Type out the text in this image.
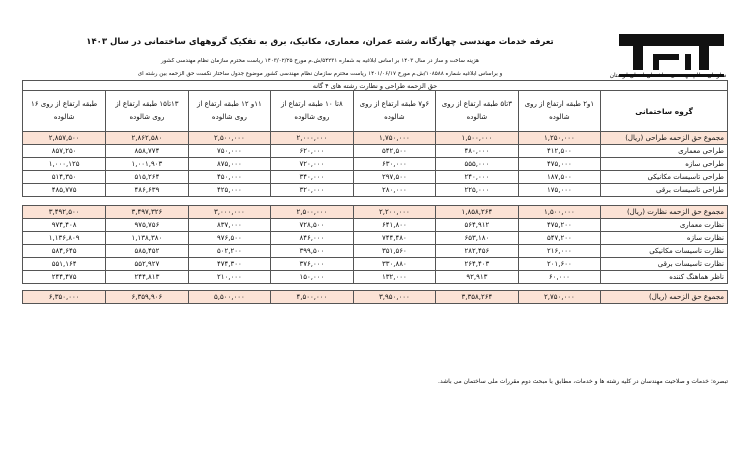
سازمان نظام مهندسی ساختمان استان لرستان
تعرفه خدمات مهندسی چهارگانه رشته عمران، معماری، مکانیک، برق به تفکیک گروههای ساختمانی در سال ۱۴۰۳
هزینه ساخت و ساز در سال ۱۴۰۳ بر اساس ابلاغیه به شماره ۵۴۲۳۱/ش.م مورخ ۱۴۰۳/۰۲/۲۵ ریاست محترم سازمان نظام مهندسی کشور
و براساس ابلاغیه شماره ۱۰۸۵۸۸/ش.م مورخ ۱۴۰۱/۰۶/۱۷ ریاست محترم سازمان نظام مهندسی کشور موضوع جدول ساختار نکست حق الزحمه بین رشته ای
حق الزحمه طراحی و نظارت رشته های ۴ گانه							
گروه ساختمانی	۱و۲ طبقه ارتفاع از روی شالوده	۳تا۵ طبقه ارتفاع از روی شالوده	۶و۷ طبقه ارتفاع از روی شالوده	۸تا ۱۰ طبقه ارتفاع از روی شالوده	۱۱و ۱۲ طبقه ارتفاع از روی شالوده	۱۳تا۱۵ طبقه ارتفاع از روی شالوده	طبقه ارتفاع از روی ۱۶ شالوده
مجموع حق الزحمه طراحی (ریال)	۱,۲۵۰,۰۰۰	۱,۵۰۰,۰۰۰	۱,۷۵۰,۰۰۰	۲,۰۰۰,۰۰۰	۲,۵۰۰,۰۰۰	۲,۸۶۲,۵۸۰	۲,۸۵۷,۵۰۰
طراحی معماری	۴۱۲,۵۰۰	۴۸۰,۰۰۰	۵۴۲,۵۰۰	۶۲۰,۰۰۰	۷۵۰,۰۰۰	۸۵۸,۷۷۴	۸۵۷,۲۵۰
طراحی سازه	۴۷۵,۰۰۰	۵۵۵,۰۰۰	۶۳۰,۰۰۰	۷۲۰,۰۰۰	۸۷۵,۰۰۰	۱,۰۰۱,۹۰۳	۱,۰۰۰,۱۲۵
طراحی تاسیسات مکانیکی	۱۸۷,۵۰۰	۲۴۰,۰۰۰	۲۹۷,۵۰۰	۳۴۰,۰۰۰	۴۵۰,۰۰۰	۵۱۵,۲۶۴	۵۱۴,۳۵۰
طراحی تاسیسات برقی	۱۷۵,۰۰۰	۲۲۵,۰۰۰	۲۸۰,۰۰۰	۳۲۰,۰۰۰	۴۲۵,۰۰۰	۴۸۶,۶۳۹	۴۸۵,۷۷۵

مجموع حق الزحمه نظارت (ریال)	۱,۵۰۰,۰۰۰	۱,۸۵۸,۲۶۴	۲,۲۰۰,۰۰۰	۲,۵۰۰,۰۰۰	۳,۰۰۰,۰۰۰	۳,۴۹۷,۳۲۶	۳,۴۹۲,۵۰۰
نظارت معماری	۴۷۵,۲۰۰	۵۶۴,۹۱۲	۶۴۱,۸۰۰	۷۲۸,۵۰۰	۸۳۷,۰۰۰	۹۷۵,۷۵۶	۹۷۴,۴۰۸
نظارت سازه	۵۴۷,۲۰۰	۶۵۳,۱۸۰	۷۴۴,۴۸۰	۸۴۶,۰۰۰	۹۷۶,۵۰۰	۱,۱۳۸,۳۸۰	۱,۱۳۶,۸۰۹
نظارت تاسیسات مکانیکی	۲۱۶,۰۰۰	۲۸۲,۴۵۶	۳۵۱,۵۶۰	۳۹۹,۵۰۰	۵۰۲,۲۰۰	۵۸۵,۴۵۲	۵۸۴,۶۴۵
نظارت تاسیسات برقی	۲۰۱,۶۰۰	۲۶۴,۴۰۳	۳۳۰,۸۸۰	۳۷۶,۰۰۰	۴۷۴,۳۰۰	۵۵۲,۹۲۷	۵۵۱,۱۶۴
ناظر هماهنگ کننده	۶۰,۰۰۰	۹۲,۹۱۳	۱۳۲,۰۰۰	۱۵۰,۰۰۰	۲۱۰,۰۰۰	۲۴۴,۸۱۳	۲۴۴,۴۷۵

مجموع حق الزحمه (ریال)	۲,۷۵۰,۰۰۰	۳,۳۵۸,۲۶۴	۳,۹۵۰,۰۰۰	۴,۵۰۰,۰۰۰	۵,۵۰۰,۰۰۰	۶,۳۵۹,۹۰۶	۶,۳۵۰,۰۰۰
تبصره: خدمات و صلاحیت مهندسان در کلیه رشته ها و خدمات، مطابق با مبحث دوم مقررات ملی ساختمان می باشد.
